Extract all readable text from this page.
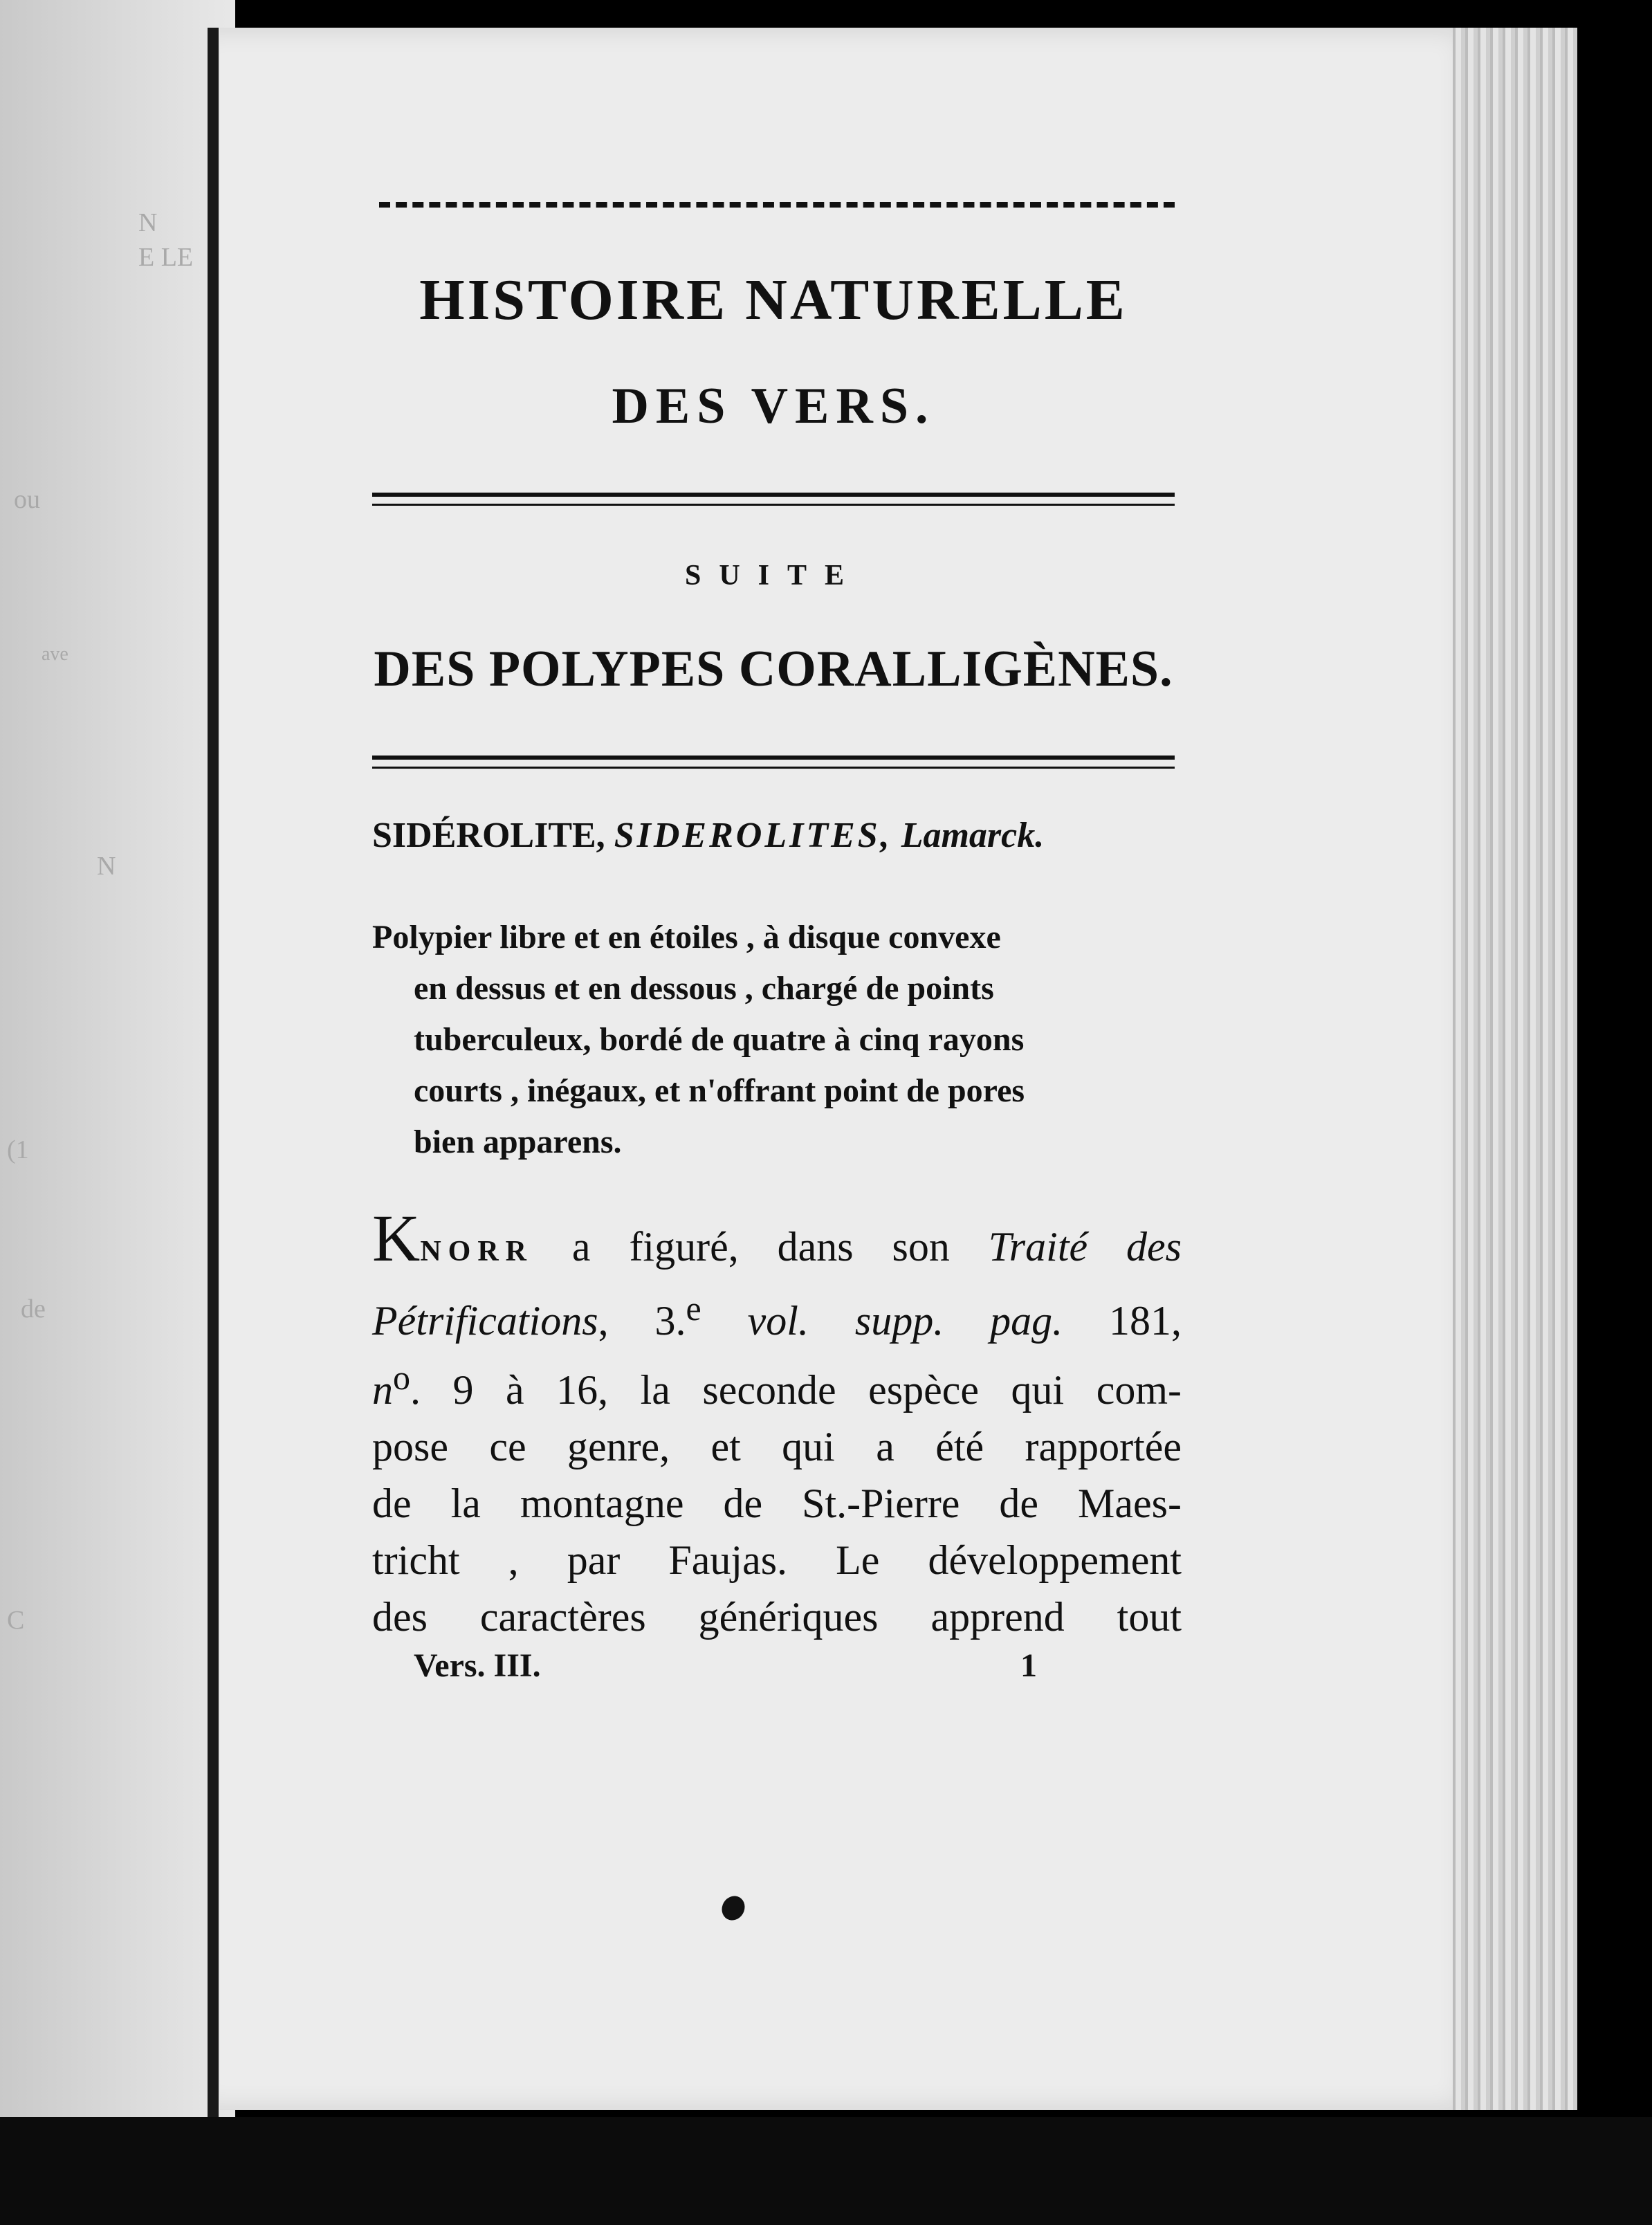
N
E LE
ou
ave
N
(1
de
C
HISTOIRE NATURELLE
DES VERS.
SUITE
DES POLYPES CORALLIGÈNES.
SIDÉROLITE, SIDEROLITES, Lamarck.
Polypier libre et en étoiles , à disque convexe
en dessus et en dessous , chargé de points
tuberculeux, bordé de quatre à cinq rayons
courts , inégaux, et n'offrant point de pores
bien apparens.
KNORR a figuré, dans son Traité des
Pétrifications, 3.$^e$ vol. supp. pag. 181,
$n^o$. 9 à 16, la seconde espèce qui com-
pose ce genre, et qui a été rapportée
de la montagne de St.-Pierre de Maes-
tricht , par Faujas. Le développement
des caractères génériques apprend tout
Vers. III.	1
